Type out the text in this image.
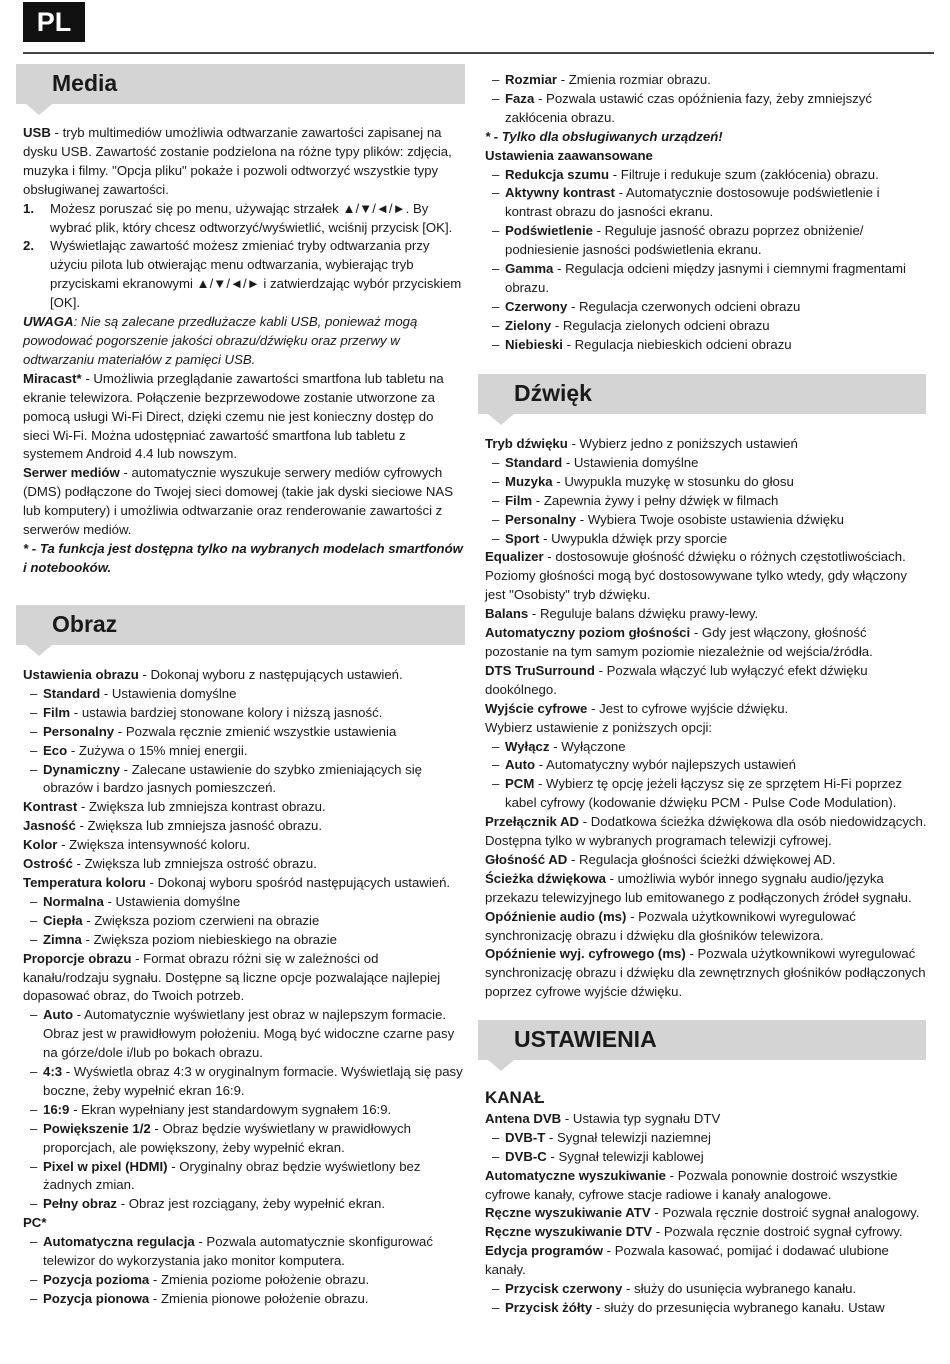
PL
Media

USB - tryb multimediów umożliwia odtwarzanie zawartości zapisanej na dysku USB. Zawartość zostanie podzielona na różne typy plików: zdjęcia, muzyka i filmy. "Opcja pliku" pokaże i pozwoli odtworzyć wszystkie typy obsługiwanej zawartości.

1.	Możesz poruszać się po menu, używając strzałek ▲/▼/◄/►. By wybrać plik, który chcesz odtworzyć/wyświetlić, wciśnij przycisk [OK].
2.	Wyświetlając zawartość możesz zmieniać tryby odtwarzania przy użyciu pilota lub otwierając menu odtwarzania, wybierając tryb przyciskami ekranowymi ▲/▼/◄/► i zatwierdzając wybór przyciskiem [OK].

UWAGA: Nie są zalecane przedłużacze kabli USB, ponieważ mogą powodować pogorszenie jakości obrazu/dźwięku oraz przerwy w odtwarzaniu materiałów z pamięci USB.

Miracast* - Umożliwia przeglądanie zawartości smartfona lub tabletu na ekranie telewizora. Połączenie bezprzewodowe zostanie utworzone za pomocą usługi Wi-Fi Direct, dzięki czemu nie jest konieczny dostęp do sieci Wi-Fi. Można udostępniać zawartość smartfona lub tabletu z systemem Android 4.4 lub nowszym.

Serwer mediów - automatycznie wyszukuje serwery mediów cyfrowych (DMS) podłączone do Twojej sieci domowej (takie jak dyski sieciowe NAS lub komputery) i umożliwia odtwarzanie oraz renderowanie zawartości z serwerów mediów.

* - Ta funkcja jest dostępna tylko na wybranych modelach smartfonów i notebooków.

Obraz

Ustawienia obrazu - Dokonaj wyboru z następujących ustawień.

– Standard - Ustawienia domyślne

– Film - ustawia bardziej stonowane kolory i niższą jasność.

– Personalny - Pozwala ręcznie zmienić wszystkie ustawienia

– Eco - Zużywa o 15% mniej energii.

– Dynamiczny - Zalecane ustawienie do szybko zmieniających się obrazów i bardzo jasnych pomieszczeń.

Kontrast - Zwiększa lub zmniejsza kontrast obrazu.

Jasność - Zwiększa lub zmniejsza jasność obrazu.

Kolor - Zwiększa intensywność koloru.

Ostrość - Zwiększa lub zmniejsza ostrość obrazu.

Temperatura koloru - Dokonaj wyboru spośród następujących ustawień.

– Normalna - Ustawienia domyślne

– Ciepła - Zwiększa poziom czerwieni na obrazie

– Zimna - Zwiększa poziom niebieskiego na obrazie

Proporcje obrazu - Format obrazu różni się w zależności od kanału/rodzaju sygnału. Dostępne są liczne opcje pozwalające najlepiej dopasować obraz, do Twoich potrzeb.

– Auto - Automatycznie wyświetlany jest obraz w najlepszym formacie. Obraz jest w prawidłowym położeniu. Mogą być widoczne czarne pasy na górze/dole i/lub po bokach obrazu.

– 4:3 - Wyświetla obraz 4:3 w oryginalnym formacie. Wyświetlają się pasy boczne, żeby wypełnić ekran 16:9.

– 16:9 - Ekran wypełniany jest standardowym sygnałem 16:9.

– Powiększenie 1/2 - Obraz będzie wyświetlany w prawidłowych proporcjach, ale powiększony, żeby wypełnić ekran.

– Pixel w pixel (HDMI) - Oryginalny obraz będzie wyświetlony bez żadnych zmian.

– Pełny obraz - Obraz jest rozciągany, żeby wypełnić ekran.

PC*

– Automatyczna regulacja - Pozwala automatycznie skonfigurować telewizor do wykorzystania jako monitor komputera.

– Pozycja pozioma - Zmienia poziome położenie obrazu.

– Pozycja pionowa - Zmienia pionowe położenie obrazu.

– Rozmiar - Zmienia rozmiar obrazu.

– Faza - Pozwala ustawić czas opóźnienia fazy, żeby zmniejszyć zakłócenia obrazu.

* - Tylko dla obsługiwanych urządzeń!

Ustawienia zaawansowane

– Redukcja szumu - Filtruje i redukuje szum (zakłócenia) obrazu.

– Aktywny kontrast - Automatycznie dostosowuje podświetlenie i kontrast obrazu do jasności ekranu.

– Podświetlenie - Reguluje jasność obrazu poprzez obniżenie/ podniesienie jasności podświetlenia ekranu.

– Gamma - Regulacja odcieni między jasnymi i ciemnymi fragmentami obrazu.

– Czerwony - Regulacja czerwonych odcieni obrazu

– Zielony - Regulacja zielonych odcieni obrazu

– Niebieski - Regulacja niebieskich odcieni obrazu

Dźwięk

Tryb dźwięku - Wybierz jedno z poniższych ustawień

– Standard - Ustawienia domyślne

– Muzyka - Uwypukla muzykę w stosunku do głosu

– Film - Zapewnia żywy i pełny dźwięk w filmach

– Personalny - Wybiera Twoje osobiste ustawienia dźwięku

– Sport - Uwypukla dźwięk przy sporcie

Equalizer - dostosowuje głośność dźwięku o różnych częstotliwościach. Poziomy głośności mogą być dostosowywane tylko wtedy, gdy włączony jest "Osobisty" tryb dźwięku.

Balans - Reguluje balans dźwięku prawy-lewy.

Automatyczny poziom głośności - Gdy jest włączony, głośność pozostanie na tym samym poziomie niezależnie od wejścia/źródła.

DTS TruSurround - Pozwala włączyć lub wyłączyć efekt dźwięku dookólnego.

Wyjście cyfrowe - Jest to cyfrowe wyjście dźwięku.

Wybierz ustawienie z poniższych opcji:

– Wyłącz - Wyłączone

– Auto - Automatyczny wybór najlepszych ustawień

– PCM - Wybierz tę opcję jeżeli łączysz się ze sprzętem Hi-Fi poprzez kabel cyfrowy (kodowanie dźwięku PCM - Pulse Code Modulation).

Przełącznik AD - Dodatkowa ścieżka dźwiękowa dla osób niedowidzących. Dostępna tylko w wybranych programach telewizji cyfrowej.

Głośność AD - Regulacja głośności ścieżki dźwiękowej AD.

Ścieżka dźwiękowa - umożliwia wybór innego sygnału audio/języka przekazu telewizyjnego lub emitowanego z podłączonych źródeł sygnału.

Opóźnienie audio (ms) - Pozwala użytkownikowi wyregulować synchronizację obrazu i dźwięku dla głośników telewizora.

Opóźnienie wyj. cyfrowego (ms) - Pozwala użytkownikowi wyregulować synchronizację obrazu i dźwięku dla zewnętrznych głośników podłączonych poprzez cyfrowe wyjście dźwięku.

USTAWIENIA

KANAŁ

Antena DVB - Ustawia typ sygnału DTV

– DVB-T - Sygnał telewizji naziemnej

– DVB-C - Sygnał telewizji kablowej

Automatyczne wyszukiwanie - Pozwala ponownie dostroić wszystkie cyfrowe kanały, cyfrowe stacje radiowe i kanały analogowe.

Ręczne wyszukiwanie ATV - Pozwala ręcznie dostroić sygnał analogowy.

Ręczne wyszukiwanie DTV - Pozwala ręcznie dostroić sygnał cyfrowy.

Edycja programów - Pozwala kasować, pomijać i dodawać ulubione kanały.

– Przycisk czerwony - służy do usunięcia wybranego kanału.

– Przycisk żółty - służy do przesunięcia wybranego kanału. Ustaw
